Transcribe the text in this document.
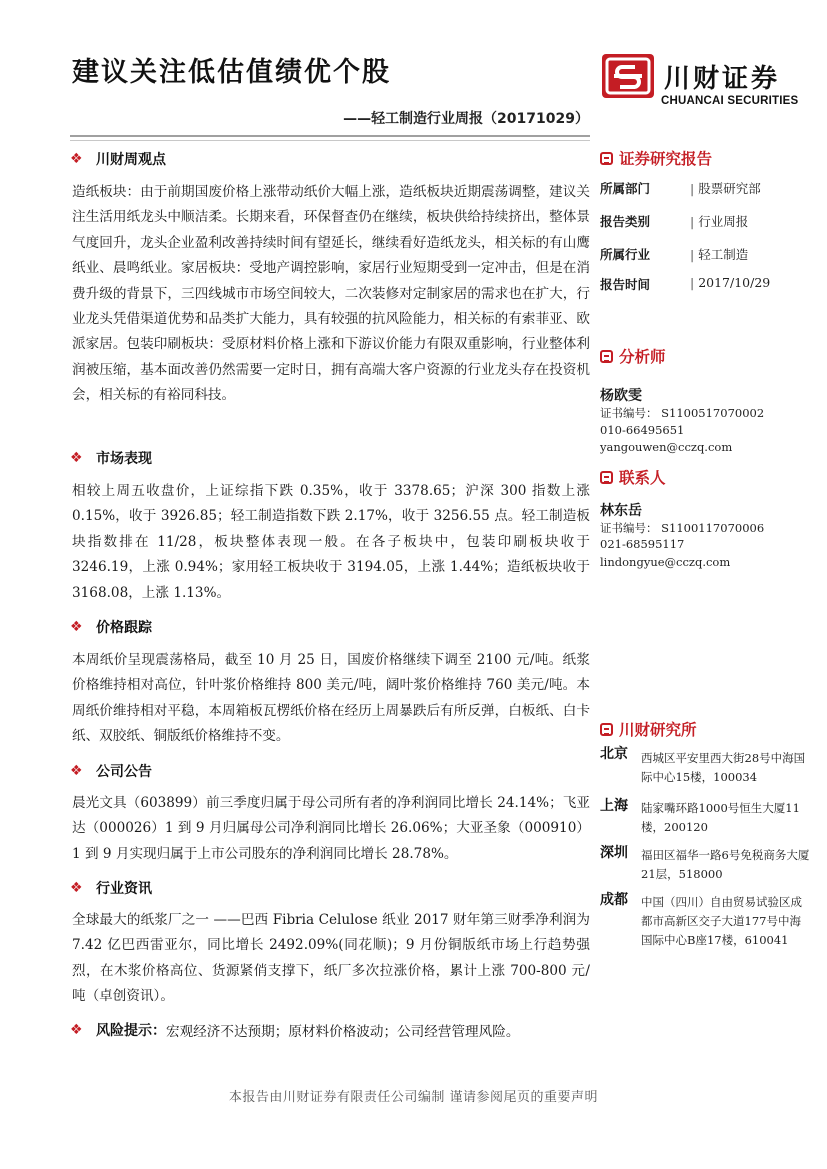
建议关注低估值绩优个股
——轻工制造行业周报（20171029）
川财证券
CHUANCAI SECURITIES
❖ 川财周观点

造纸板块：由于前期国废价格上涨带动纸价大幅上涨，造纸板块近期震荡调整，建议关注生活用纸龙头中顺洁柔。长期来看，环保督查仍在继续，板块供给持续挤出，整体景气度回升，龙头企业盈利改善持续时间有望延长，继续看好造纸龙头，相关标的有山鹰纸业、晨鸣纸业。家居板块：受地产调控影响，家居行业短期受到一定冲击，但是在消费升级的背景下，三四线城市市场空间较大，二次装修对定制家居的需求也在扩大，行业龙头凭借渠道优势和品类扩大能力，具有较强的抗风险能力，相关标的有索菲亚、欧派家居。包装印刷板块：受原材料价格上涨和下游议价能力有限双重影响，行业整体利润被压缩，基本面改善仍然需要一定时日，拥有高端大客户资源的行业龙头存在投资机会，相关标的有裕同科技。

❖ 市场表现

相较上周五收盘价，上证综指下跌 0.35%，收于 3378.65；沪深 300 指数上涨 0.15%，收于 3926.85；轻工制造指数下跌 2.17%，收于 3256.55 点。轻工制造板块指数排在 11/28，板块整体表现一般。在各子板块中，包装印刷板块收于 3246.19，上涨 0.94%；家用轻工板块收于 3194.05，上涨 1.44%；造纸板块收于 3168.08，上涨 1.13%。

❖ 价格跟踪

本周纸价呈现震荡格局，截至 10 月 25 日，国废价格继续下调至 2100 元/吨。纸浆价格维持相对高位，针叶浆价格维持 800 美元/吨，阔叶浆价格维持 760 美元/吨。本周纸价维持相对平稳，本周箱板瓦楞纸价格在经历上周暴跌后有所反弹，白板纸、白卡纸、双胶纸、铜版纸价格维持不变。

❖ 公司公告

晨光文具（603899）前三季度归属于母公司所有者的净利润同比增长 24.14%；飞亚达（000026）1 到 9 月归属母公司净利润同比增长 26.06%；大亚圣象（000910）1 到 9 月实现归属于上市公司股东的净利润同比增长 28.78%。

❖ 行业资讯

全球最大的纸浆厂之一 ——巴西 Fibria Celulose 纸业 2017 财年第三财季净利润为 7.42 亿巴西雷亚尔，同比增长 2492.09%(同花顺)；9 月份铜版纸市场上行趋势强烈，在木浆价格高位、货源紧俏支撑下，纸厂多次拉涨价格，累计上涨 700-800 元/吨（卓创资讯）。

❖ 风险提示： 宏观经济不达预期；原材料价格波动；公司经营管理风险。
证券研究报告
所属部门	| 股票研究部
报告类别	| 行业周报
所属行业	| 轻工制造
报告时间	| 2017/10/29
分析师
杨欧雯
证书编号： S1100517070002
010-66495651
yangouwen@cczq.com
联系人
林东岳
证书编号： S1100117070006
021-68595117
lindongyue@cczq.com
川财研究所
北京 西城区平安里西大街28号中海国际中心15楼，100034
上海 陆家嘴环路1000号恒生大厦11楼，200120
深圳 福田区福华一路6号免税商务大厦21层，518000
成都 中国（四川）自由贸易试验区成都市高新区交子大道177号中海国际中心B座17楼，610041
本报告由川财证券有限责任公司编制 谨请参阅尾页的重要声明
